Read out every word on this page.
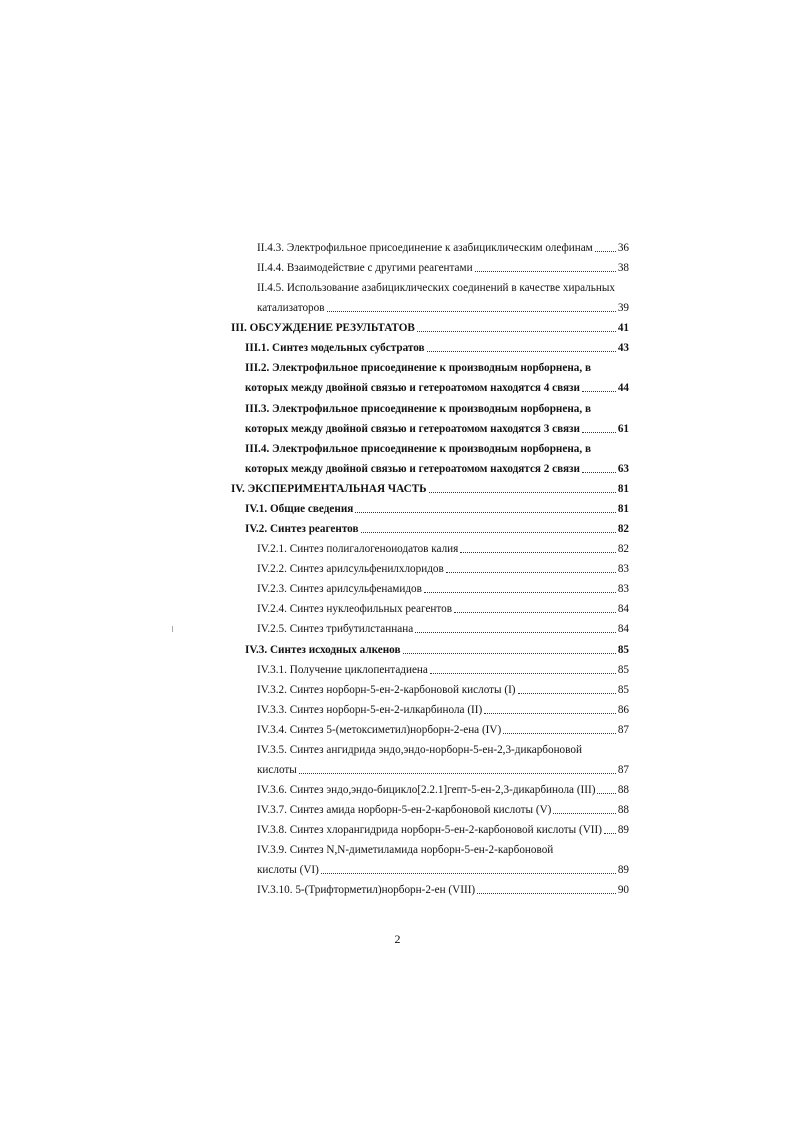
II.4.3. Электрофильное присоединение к азабициклическим олефинам 36
II.4.4. Взаимодействие с другими реагентами	38
II.4.5. Использование азабициклических соединений в качестве хиральных
катализаторов	39
III. ОБСУЖДЕНИЕ РЕЗУЛЬТАТОВ	41
III.1. Синтез модельных субстратов	43
III.2. Электрофильное присоединение к производным норборнена, в
которых между двойной связью и гетероатомом находятся 4 связи	44
III.3. Электрофильное присоединение к производным норборнена, в
которых между двойной связью и гетероатомом находятся 3 связи	61
III.4. Электрофильное присоединение к производным норборнена, в
которых между двойной связью и гетероатомом находятся 2 связи	63
IV. ЭКСПЕРИМЕНТАЛЬНАЯ ЧАСТЬ	81
IV.1. Общие сведения	81
IV.2. Синтез реагентов	82
IV.2.1. Синтез полигалогеноиодатов калия	82
IV.2.2. Синтез арилсульфенилхлоридов	83
IV.2.3. Синтез арилсульфенамидов	83
IV.2.4. Синтез нуклеофильных реагентов	84
IV.2.5. Синтез трибутилстаннана	84
IV.3. Синтез исходных алкенов	85
IV.3.1. Получение циклопентадиена	85
IV.3.2. Синтез норборн-5-ен-2-карбоновой кислоты (I)	85
IV.3.3. Синтез норборн-5-ен-2-илкарбинола (II)	86
IV.3.4. Синтез 5-(метоксиметил)норборн-2-ена (IV)	87
IV.3.5. Синтез ангидрида эндо,эндо-норборн-5-ен-2,3-дикарбоновой
кислоты	87
IV.3.6. Синтез эндо,эндо-бицикло[2.2.1]гепт-5-ен-2,3-дикарбинола (III) 88
IV.3.7. Синтез амида норборн-5-ен-2-карбоновой кислоты (V)	88
IV.3.8. Синтез хлорангидрида норборн-5-ен-2-карбоновой кислоты (VII) 89
IV.3.9. Синтез N,N-диметиламида норборн-5-ен-2-карбоновой
кислоты (VI)	89
IV.3.10. 5-(Трифторметил)норборн-2-ен (VIII)	90
2
